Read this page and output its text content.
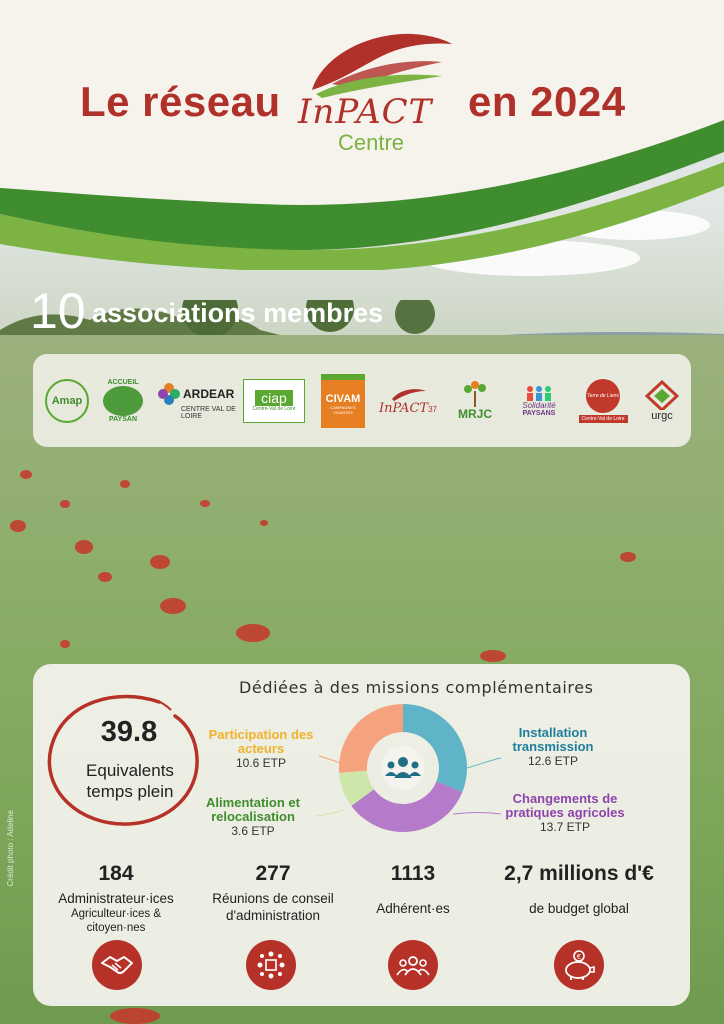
Crédit photo : Adeline
Le réseau InPACT
Centre
en 2024
10 associations membres
Amap
ACCUEIL
PAYSAN
ARDEAR
CENTRE VAL DE LOIRE
ciap
Centre-Val de Loire
CIVAM
CAMPAGNES VIVANTES	InPACT 37 MRJC
Solidarité
PAYSANS
Terre de Liens
Centre-Val de Loire urgc
Dédiées à des missions complémentaires
39.8
Equivalents
temps plein
Participation des
acteurs
10.6 ETP
Installation
transmission
12.6 ETP
Changements de
pratiques agricoles
13.7 ETP
Alimentation et
relocalisation
3.6 ETP
184
Administrateur·ices
Agriculteur·ices &
citoyen·nes
277
Réunions de conseil
d'administration
1113
Adhérent·es
2,7 millions d'€
de budget global
€
